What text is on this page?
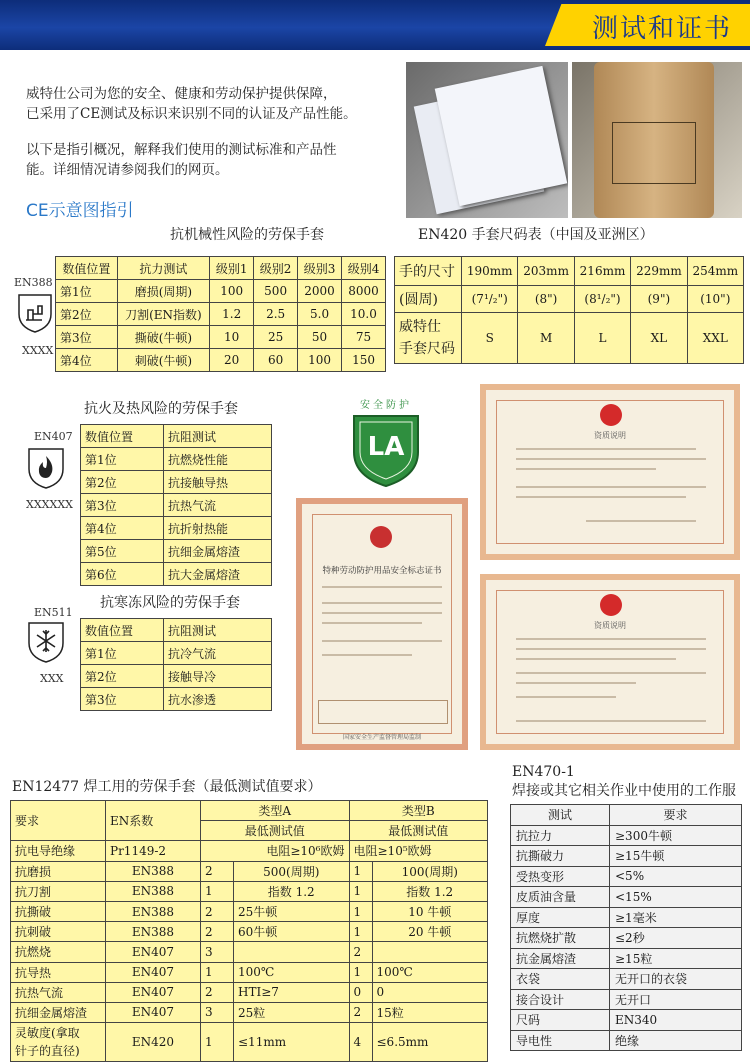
测试和证书
威特仕公司为您的安全、健康和劳动保护提供保障，
已采用了CE测试及标识来识别不同的认证及产品性能。
以下是指引概况，解释我们使用的测试标准和产品性
能。详细情况请参阅我们的网页。
CE示意图指引
抗机械性风险的劳保手套
EN388
XXXX
数值位置	抗力测试	级别1	级别2	级别3	级别4
第1位	磨损(周期)	100	500	2000	8000
第2位	刀割(EN指数)	1.2	2.5	5.0	10.0
第3位	撕破(牛顿)	10	25	50	75
第4位	刺破(牛顿)	20	60	100	150
EN420 手套尺码表（中国及亚洲区）
手的尺寸	190mm	203mm	216mm	229mm	254mm
(圆周)	(7¹/₂")	(8")	(8¹/₂")	(9")	(10")

威特仕
手套尺码	S	M	L	XL	XXL
抗火及热风险的劳保手套
EN407
XXXXXX
数值位置	抗阻测试
第1位	抗燃烧性能
第2位	抗接触导热
第3位	抗热气流
第4位	抗折射热能
第5位	抗细金属熔渣
第6位	抗大金属熔渣
抗寒冻风险的劳保手套
EN511
XXX
数值位置	抗阻测试
第1位	抗冷气流
第2位	接触导冷
第3位	抗水渗透
安全防护
LA	资质说明
资质说明
特种劳动防护用品安全标志证书
国家安全生产监督管理局监制
EN12477 焊工用的劳保手套（最低测试值要求）
要求	EN系数	类型A		类型B	
		最低测试值		最低测试值	
抗电导绝缘	Pr1149-2	电阻≥10⁶欧姆		电阻≥10⁵欧姆	
抗磨损	EN388	2	500(周期)	1	100(周期)
抗刀割	EN388	1	指数 1.2	1	指数 1.2
抗撕破	EN388	2	25牛顿	1	10 牛顿
抗刺破	EN388	2	60牛顿	1	20 牛顿
抗燃烧	EN407	3		2	
抗导热	EN407	1	100℃	1	100℃
抗热气流	EN407	2	HTI≥7	0	0
抗细金属熔渣	EN407	3	25粒	2	15粒

灵敏度(拿取
针子的直径)	EN420	1	≤11mm	4	≤6.5mm
EN470-1
焊接或其它相关作业中使用的工作服
测试	要求
抗拉力	≥300牛顿
抗撕破力	≥15牛顿
受热变形	<5%
皮质油含量	<15%
厚度	≥1毫米
抗燃烧扩散	≤2秒
抗金属熔渣	≥15粒
衣袋	无开口的衣袋
接合设计	无开口
尺码	EN340
导电性	绝缘
